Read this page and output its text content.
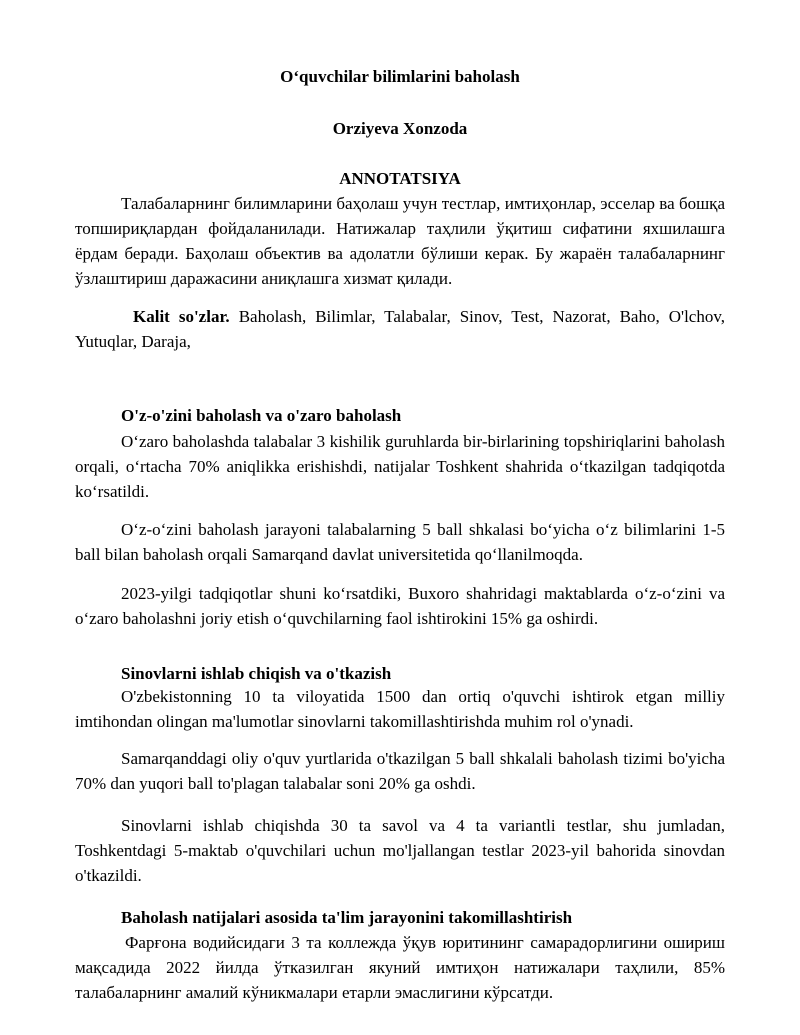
O‘quvchilar bilimlarini baholash
Orziyeva Xonzoda
ANNOTATSIYA

Талабаларнинг билимларини баҳолаш учун тестлар, имтиҳонлар, эсселар ва бошқа топшириқлардан фойдаланилади. Натижалар таҳлили ўқитиш сифатини яхшилашга ёрдам беради. Баҳолаш объектив ва адолатли бўлиши керак. Бу жараён талабаларнинг ўзлаштириш даражасини аниқлашга хизмат қилади.

Kalit so'zlar. Baholash, Bilimlar, Talabalar, Sinov, Test, Nazorat, Baho, O'lchov, Yutuqlar, Daraja,

O'z-o'zini baholash va o'zaro baholash

O‘zaro baholashda talabalar 3 kishilik guruhlarda bir-birlarining topshiriqlarini baholash orqali, o‘rtacha 70% aniqlikka erishishdi, natijalar Toshkent shahrida o‘tkazilgan tadqiqotda ko‘rsatildi.

O‘z-o‘zini baholash jarayoni talabalarning 5 ball shkalasi bo‘yicha o‘z bilimlarini 1-5 ball bilan baholash orqali Samarqand davlat universitetida qo‘llanilmoqda.

2023-yilgi tadqiqotlar shuni ko‘rsatdiki, Buxoro shahridagi maktablarda o‘z-o‘zini va o‘zaro baholashni joriy etish o‘quvchilarning faol ishtirokini 15% ga oshirdi.

Sinovlarni ishlab chiqish va o'tkazish

O'zbekistonning 10 ta viloyatida 1500 dan ortiq o'quvchi ishtirok etgan milliy imtihondan olingan ma'lumotlar sinovlarni takomillashtirishda muhim rol o'ynadi.

Samarqanddagi oliy o'quv yurtlarida o'tkazilgan 5 ball shkalali baholash tizimi bo'yicha 70% dan yuqori ball to'plagan talabalar soni 20% ga oshdi.

Sinovlarni ishlab chiqishda 30 ta savol va 4 ta variantli testlar, shu jumladan, Toshkentdagi 5-maktab o'quvchilari uchun mo'ljallangan testlar 2023-yil bahorida sinovdan o'tkazildi.

Baholash natijalari asosida ta'lim jarayonini takomillashtirish

Фарғона водийсидаги 3 та коллежда ўқув юритининг самарадорлигини ошириш мақсадида 2022 йилда ўтказилган якуний имтиҳон натижалари таҳлили, 85% талабаларнинг амалий кўникмалари етарли эмаслигини кўрсатди.
